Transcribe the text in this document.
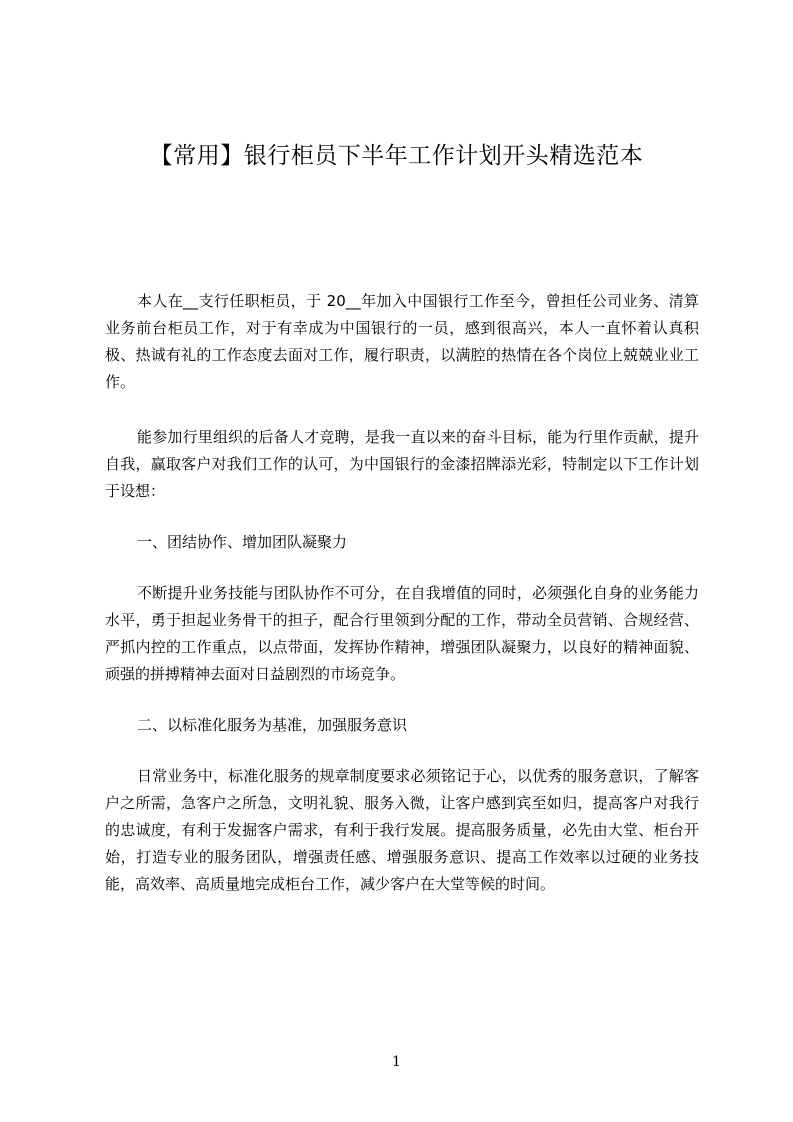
【常用】银行柜员下半年工作计划开头精选范本

本人在__支行任职柜员，于 20__年加入中国银行工作至今，曾担任公司业务、清算业务前台柜员工作，对于有幸成为中国银行的一员，感到很高兴，本人一直怀着认真积极、热诚有礼的工作态度去面对工作，履行职责，以满腔的热情在各个岗位上兢兢业业工作。

能参加行里组织的后备人才竞聘，是我一直以来的奋斗目标，能为行里作贡献，提升自我，赢取客户对我们工作的认可，为中国银行的金漆招牌添光彩，特制定以下工作计划于设想：

一、团结协作、增加团队凝聚力

不断提升业务技能与团队协作不可分，在自我增值的同时，必须强化自身的业务能力水平，勇于担起业务骨干的担子，配合行里领到分配的工作，带动全员营销、合规经营、严抓内控的工作重点，以点带面，发挥协作精神，增强团队凝聚力，以良好的精神面貌、顽强的拼搏精神去面对日益剧烈的市场竞争。

二、以标准化服务为基准，加强服务意识

日常业务中，标准化服务的规章制度要求必须铭记于心，以优秀的服务意识，了解客户之所需，急客户之所急，文明礼貌、服务入微，让客户感到宾至如归，提高客户对我行的忠诚度，有利于发掘客户需求，有利于我行发展。提高服务质量，必先由大堂、柜台开始，打造专业的服务团队，增强责任感、增强服务意识、提高工作效率以过硬的业务技能，高效率、高质量地完成柜台工作，减少客户在大堂等候的时间。

1
